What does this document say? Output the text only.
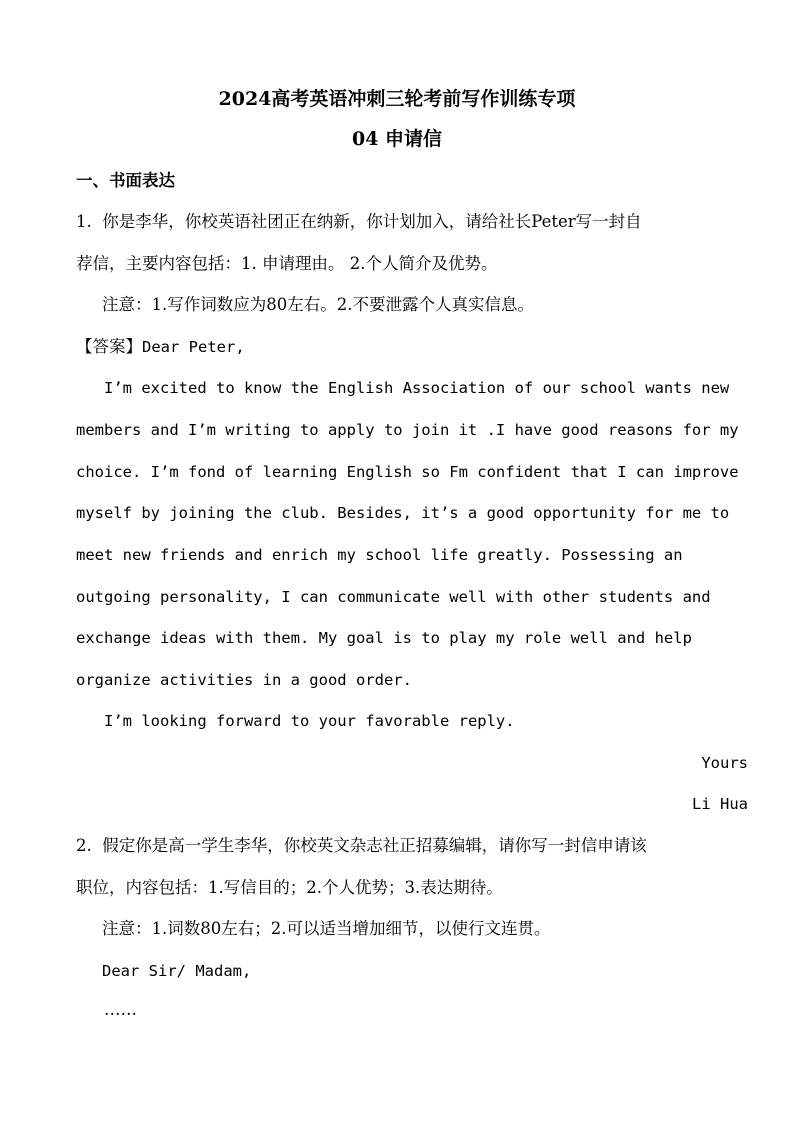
2024高考英语冲刺三轮考前写作训练专项
04 申请信
一、书面表达
1.  你是李华，你校英语社团正在纳新，你计划加入，请给社长Peter写一封自
荐信，主要内容包括：1. 申请理由。 2.个人简介及优势。
注意：1.写作词数应为80左右。2.不要泄露个人真实信息。
【答案】Dear Peter,
I’m excited to know the English Association of our school wants new
members and I’m writing to apply to join it .I have good reasons for my
choice. I’m fond of learning English so Fm confident that I can improve
myself by joining the club. Besides, it’s a good opportunity for me to
meet new friends and enrich my school life greatly. Possessing an
outgoing personality, I can communicate well with other students and
exchange ideas with them. My goal is to play my role well and help
organize activities in a good order.
I’m looking forward to your favorable reply.
Yours
Li Hua
2.  假定你是高一学生李华，你校英文杂志社正招募编辑，请你写一封信申请该
职位，内容包括：1.写信目的；2.个人优势；3.表达期待。
注意：1.词数80左右；2.可以适当增加细节，以使行文连贯。
Dear Sir/ Madam,
……
